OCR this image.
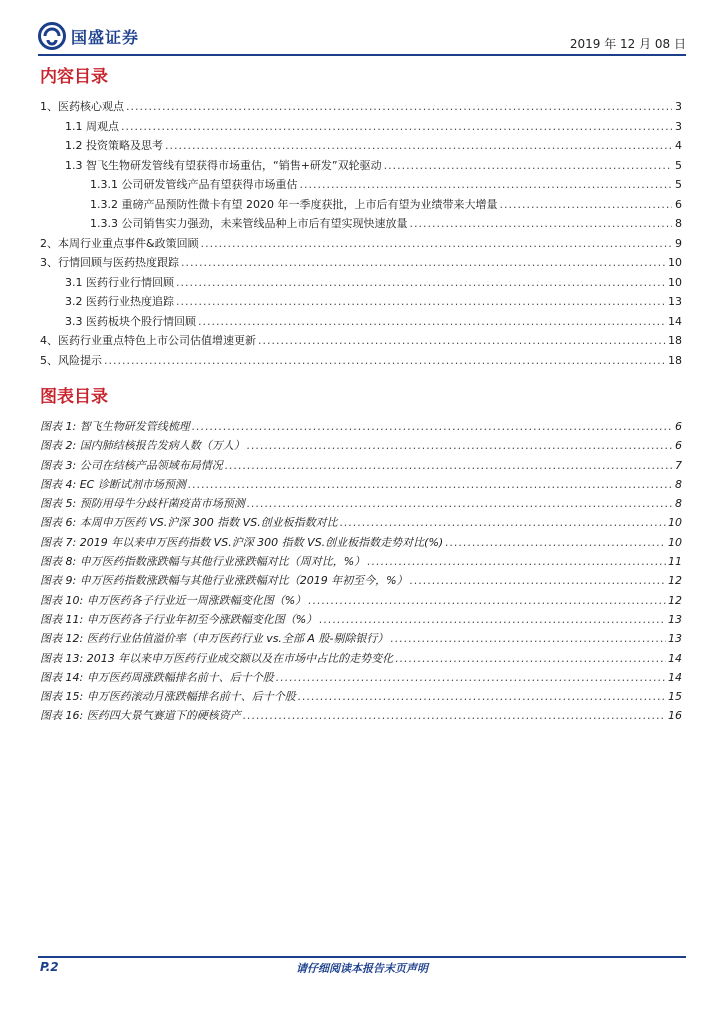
国盛证券	2019 年 12 月 08 日
内容目录
1、医药核心观点 .....	3
1.1 周观点 .....	3
1.2 投资策略及思考 .....	4
1.3 智飞生物研发管线有望获得市场重估，“销售+研发”双轮驱动 .....	5
1.3.1 公司研发管线产品有望获得市场重估 .....	5
1.3.2 重磅产品预防性微卡有望 2020 年一季度获批，上市后有望为业绩带来大增量 .....	6
1.3.3 公司销售实力强劲，未来管线品种上市后有望实现快速放量 .....	8
2、本周行业重点事件&政策回顾 .....	9
3、行情回顾与医药热度跟踪 .....	10
3.1 医药行业行情回顾 .....	10
3.2 医药行业热度追踪 .....	13
3.3 医药板块个股行情回顾 .....	14
4、医药行业重点特色上市公司估值增速更新 .....	18
5、风险提示 .....	18
图表目录
图表 1: 智飞生物研发管线梳理 .....	6
图表 2: 国内肺结核报告发病人数（万人） .....	6
图表 3: 公司在结核产品领域布局情况 .....	7
图表 4: EC 诊断试剂市场预测 .....	8
图表 5: 预防用母牛分歧杆菌疫苗市场预测 .....	8
图表 6: 本周申万医药 VS.沪深 300 指数 VS.创业板指数对比 .....	10
图表 7: 2019 年以来申万医药指数 VS.沪深 300 指数 VS.创业板指数走势对比(%) .....	10
图表 8: 申万医药指数涨跌幅与其他行业涨跌幅对比（周对比，%） .....	11
图表 9: 申万医药指数涨跌幅与其他行业涨跌幅对比（2019 年初至今，%） .....	12
图表 10: 申万医药各子行业近一周涨跌幅变化图（%） .....	12
图表 11: 申万医药各子行业年初至今涨跌幅变化图（%） .....	13
图表 12: 医药行业估值溢价率（申万医药行业 vs.全部 A 股-剔除银行） .....	13
图表 13: 2013 年以来申万医药行业成交额以及在市场中占比的走势变化 .....	14
图表 14: 申万医药周涨跌幅排名前十、后十个股 .....	14
图表 15: 申万医药滚动月涨跌幅排名前十、后十个股 .....	15
图表 16: 医药四大景气赛道下的硬核资产 .....	16
P.2	请仔细阅读本报告末页声明
